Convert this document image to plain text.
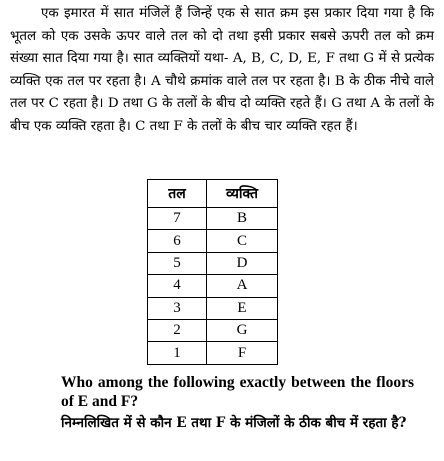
एक इमारत में सात मंजिलें हैं जिन्हें एक से सात क्रम इस प्रकार दिया गया है कि भूतल को एक उसके ऊपर वाले तल को दो तथा इसी प्रकार सबसे ऊपरी तल को क्रम संख्या सात दिया गया है। सात व्यक्तियों यथा- A, B, C, D, E, F तथा G में से प्रत्येक व्यक्ति एक तल पर रहता है। A चौथे क्रमांक वाले तल पर रहता है। B के ठीक नीचे वाले तल पर C रहता है। D तथा G के तलों के बीच दो व्यक्ति रहते हैं। G तथा A के तलों के बीच एक व्यक्ति रहता है। C तथा F के तलों के बीच चार व्यक्ति रहत हैं।

तल	व्यक्ति
7	B
6	C
5	D
4	A
3	E
2	G
1	F

Who among the following exactly between the floors of E and F?

निम्नलिखित में से कौन E तथा F के मंजिलों के ठीक बीच में रहता है?
